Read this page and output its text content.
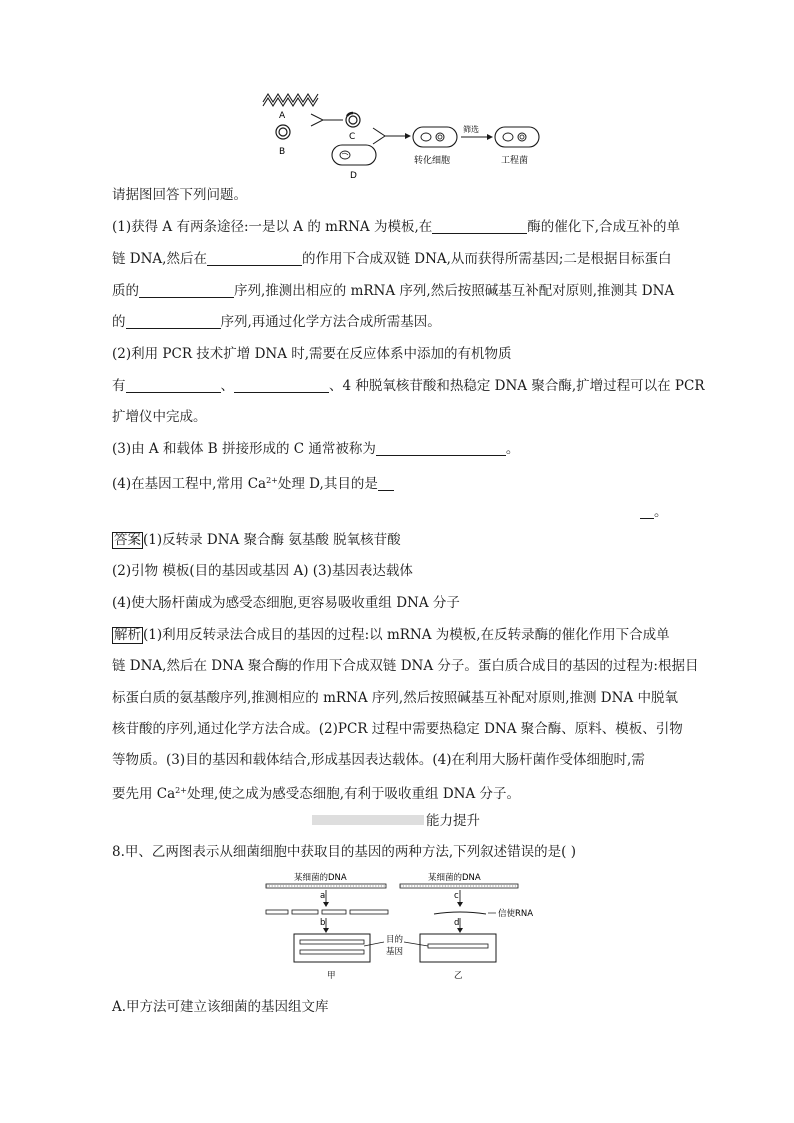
A
B
C
D
转化细胞
筛选
工程菌
请据图回答下列问题。
(1)获得 A 有两条途径:一是以 A 的 mRNA 为模板,在	酶的催化下,合成互补的单
链 DNA,然后在	的作用下合成双链 DNA,从而获得所需基因;二是根据目标蛋白
质的	序列,推测出相应的 mRNA 序列,然后按照碱基互补配对原则,推测其 DNA
的	序列,再通过化学方法合成所需基因。
(2)利用 PCR 技术扩增 DNA 时,需要在反应体系中添加的有机物质
有	、	、4 种脱氧核苷酸和热稳定 DNA 聚合酶,扩增过程可以在 PCR
扩增仪中完成。
(3)由 A 和载体 B 拼接形成的 C 通常被称为	。
(4)在基因工程中,常用 $Ca^{2+}$处理 D,其目的是
。
答案 (1)反转录 DNA 聚合酶 氨基酸 脱氧核苷酸
(2)引物 模板(目的基因或基因 A) (3)基因表达载体
(4)使大肠杆菌成为感受态细胞,更容易吸收重组 DNA 分子
解析 (1)利用反转录法合成目的基因的过程:以 mRNA 为模板,在反转录酶的催化作用下合成单
链 DNA,然后在 DNA 聚合酶的作用下合成双链 DNA 分子。蛋白质合成目的基因的过程为:根据目
标蛋白质的氨基酸序列,推测相应的 mRNA 序列,然后按照碱基互补配对原则,推测 DNA 中脱氧
核苷酸的序列,通过化学方法合成。(2)PCR 过程中需要热稳定 DNA 聚合酶、原料、模板、引物
等物质。(3)目的基因和载体结合,形成基因表达载体。(4)在利用大肠杆菌作受体细胞时,需
要先用 $Ca^{2+}$处理,使之成为感受态细胞,有利于吸收重组 DNA 分子。
能力提升
8.甲、乙两图表示从细菌细胞中获取目的基因的两种方法,下列叙述错误的是( )
某细菌的DNA	某细菌的DNA
a
b
c
信使RNA
d
目的
基因
甲	乙
A.甲方法可建立该细菌的基因组文库
